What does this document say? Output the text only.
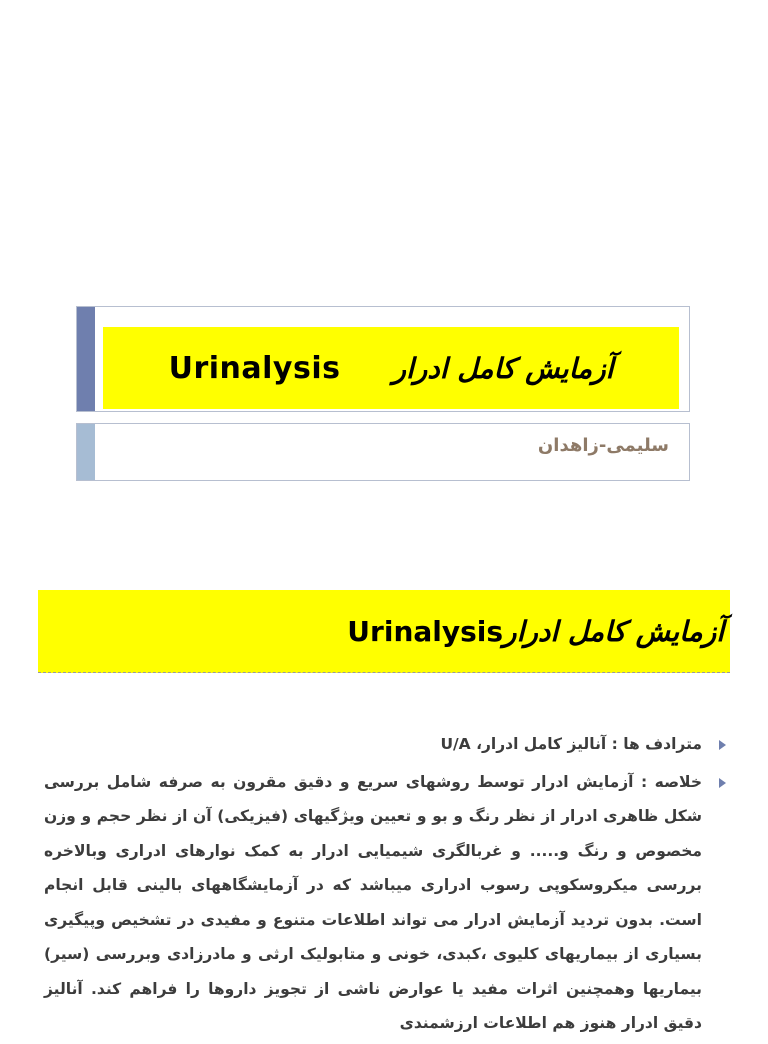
Urinalysis آزمایش کامل ادرار
سلیمی-زاهدان
آزمایش کامل ادرارUrinalysis
مترادف ها : آنالیز کامل ادرار، U/A
خلاصه : آزمایش ادرار توسط روشهای سریع و دقیق مقرون به صرفه شامل بررسی شکل ظاهری ادرار از نظر رنگ و بو و تعیین ویژگیهای (فیزیکی) آن از نظر حجم و وزن مخصوص و رنگ و..... و غربالگری شیمیایی ادرار به کمک نوارهای ادراری وبالاخره بررسی میکروسکوپی رسوب ادراری میباشد که در آزمایشگاههای بالینی قابل انجام است. بدون تردید آزمایش ادرار می تواند اطلاعات متنوع و مفیدی در تشخیص وپیگیری بسیاری از بیماریهای کلیوی ،کبدی، خونی و متابولیک ارثی و مادرزادی وبررسی (سیر) بیماریها وهمچنین اثرات مفید یا عوارض ناشی از تجویز داروها را فراهم کند. آنالیز دقیق ادرار هنوز هم اطلاعات ارزشمندی
